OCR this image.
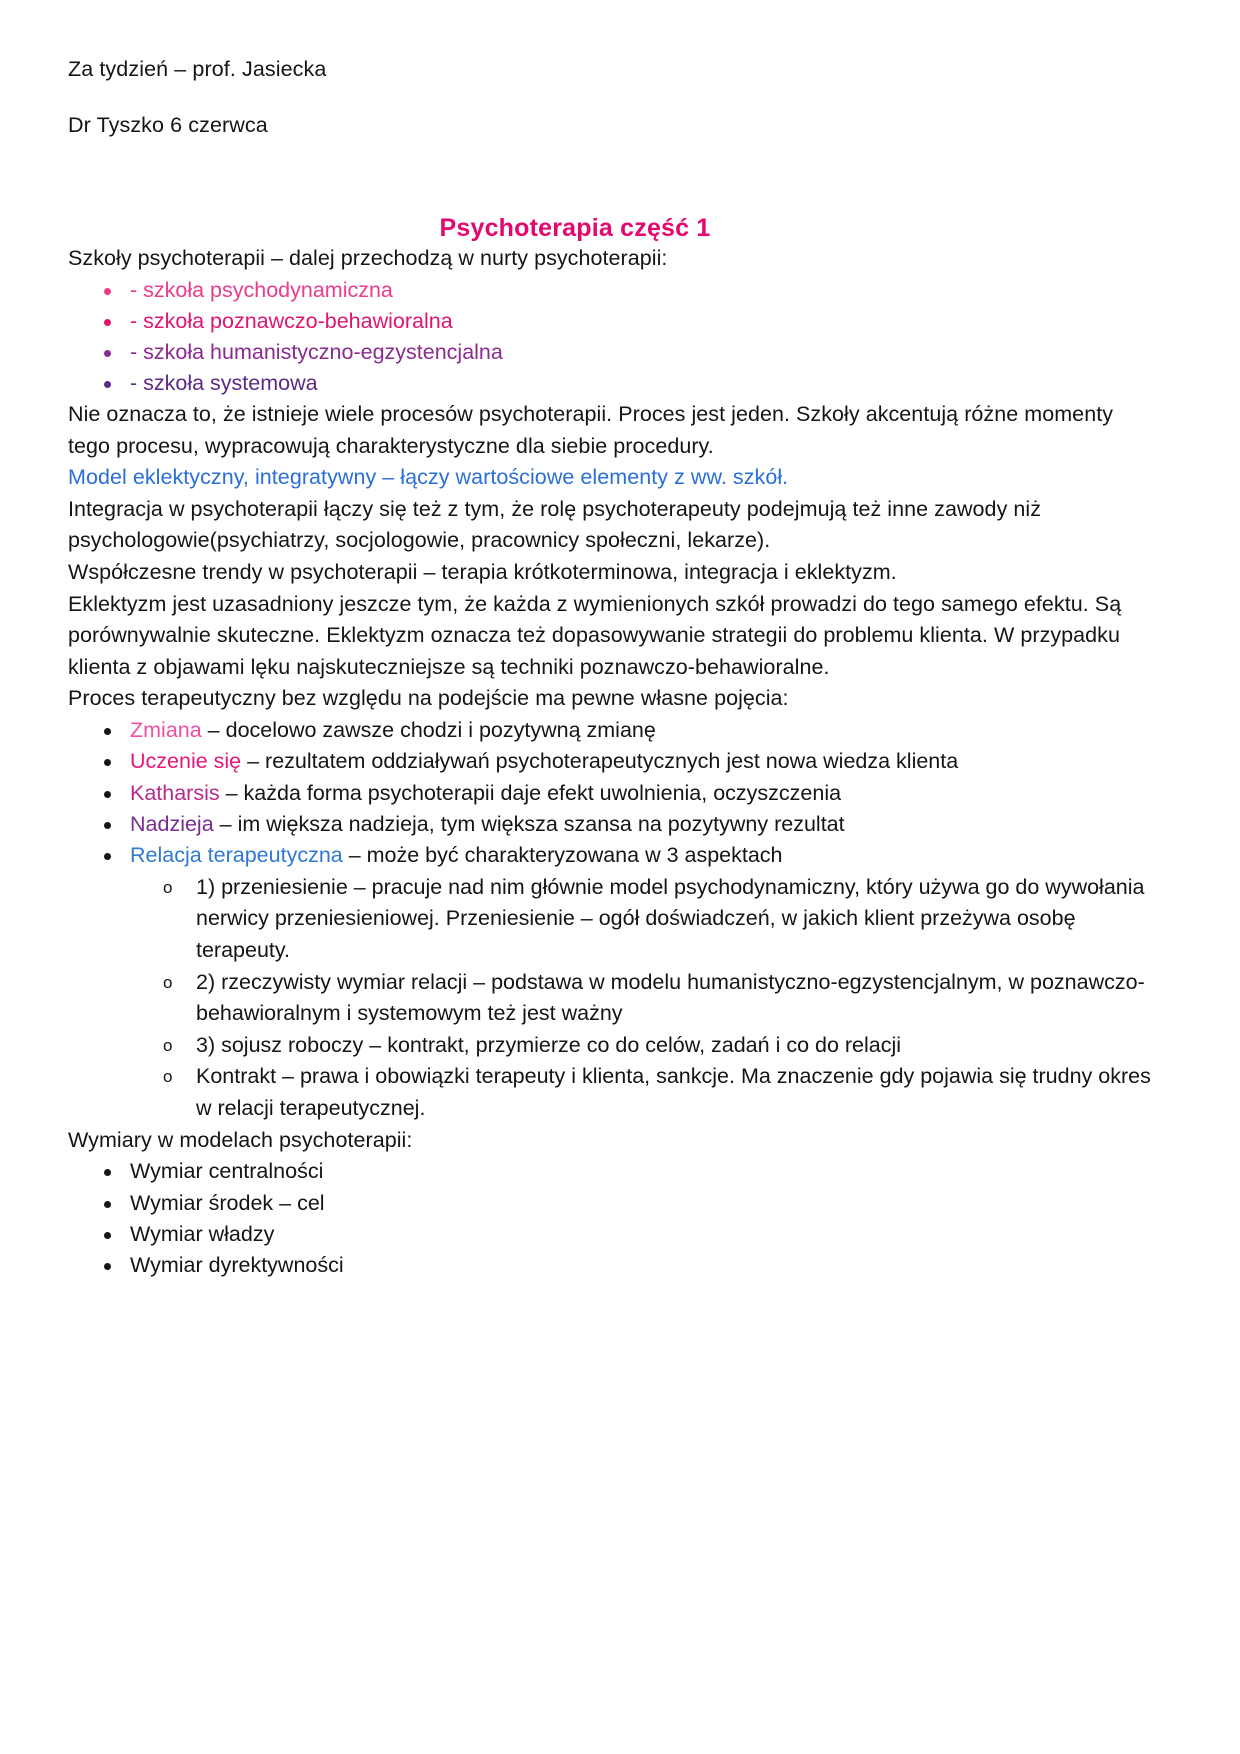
Za tydzień – prof. Jasiecka

Dr Tyszko 6 czerwca

Psychoterapia część 1

Szkoły psychoterapii – dalej przechodzą w nurty psychoterapii:

- szkoła psychodynamiczna
- szkoła poznawczo-behawioralna
- szkoła humanistyczno-egzystencjalna
- szkoła systemowa

Nie oznacza to, że istnieje wiele procesów psychoterapii. Proces jest jeden. Szkoły akcentują różne momenty tego procesu, wypracowują charakterystyczne dla siebie procedury.

Model eklektyczny, integratywny – łączy wartościowe elementy z ww. szkół.

Integracja w psychoterapii łączy się też z tym, że rolę psychoterapeuty podejmują też inne zawody niż psychologowie(psychiatrzy, socjologowie, pracownicy społeczni, lekarze).

Współczesne trendy w psychoterapii – terapia krótkoterminowa, integracja i eklektyzm.

Eklektyzm jest uzasadniony jeszcze tym, że każda z wymienionych szkół prowadzi do tego samego efektu. Są porównywalnie skuteczne. Eklektyzm oznacza też dopasowywanie strategii do problemu klienta. W przypadku klienta z objawami lęku najskuteczniejsze są techniki poznawczo-behawioralne.

Proces terapeutyczny bez względu na podejście ma pewne własne pojęcia:

Zmiana – docelowo zawsze chodzi i pozytywną zmianę
Uczenie się – rezultatem oddziaływań psychoterapeutycznych jest nowa wiedza klienta
Katharsis – każda forma psychoterapii daje efekt uwolnienia, oczyszczenia
Nadzieja – im większa nadzieja, tym większa szansa na pozytywny rezultat
Relacja terapeutyczna – może być charakteryzowana w 3 aspektach
o 1) przeniesienie – pracuje nad nim głównie model psychodynamiczny, który używa go do wywołania nerwicy przeniesieniowej. Przeniesienie – ogół doświadczeń, w jakich klient przeżywa osobę terapeuty.
o 2) rzeczywisty wymiar relacji – podstawa w modelu humanistyczno-egzystencjalnym, w poznawczo-behawioralnym i systemowym też jest ważny
o 3) sojusz roboczy – kontrakt, przymierze co do celów, zadań i co do relacji
o Kontrakt – prawa i obowiązki terapeuty i klienta, sankcje. Ma znaczenie gdy pojawia się trudny okres w relacji terapeutycznej.

Wymiary w modelach psychoterapii:

Wymiar centralności
Wymiar środek – cel
Wymiar władzy
Wymiar dyrektywności
